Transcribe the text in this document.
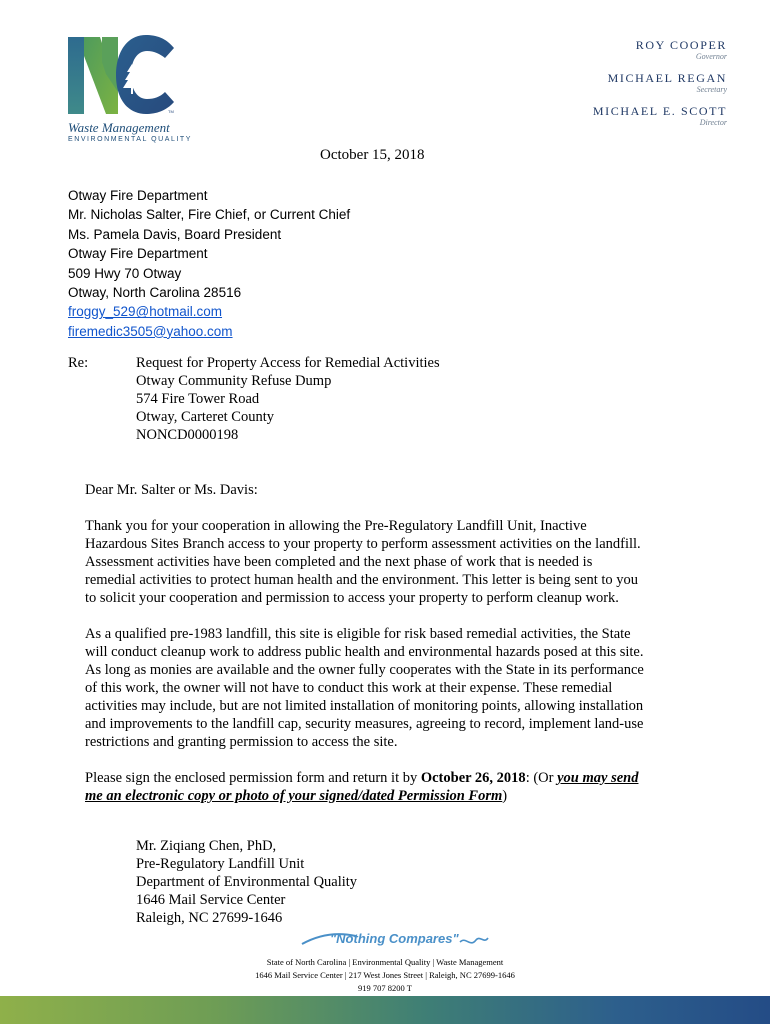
TM
Waste Management
ENVIRONMENTAL QUALITY
ROY COOPER
Governor
MICHAEL REGAN
Secretary
MICHAEL E. SCOTT
Director
October 15, 2018
Otway Fire Department
Mr. Nicholas Salter, Fire Chief, or Current Chief
Ms. Pamela Davis, Board President
Otway Fire Department
509 Hwy 70 Otway
Otway, North Carolina 28516
froggy_529@hotmail.com
firemedic3505@yahoo.com
Re:	Request for Property Access for Remedial Activities
Otway Community Refuse Dump
574 Fire Tower Road
Otway, Carteret County
NONCD0000198

Dear Mr. Salter or Ms. Davis:

Thank you for your cooperation in allowing the Pre-Regulatory Landfill Unit, Inactive Hazardous Sites Branch access to your property to perform assessment activities on the landfill. Assessment activities have been completed and the next phase of work that is needed is remedial activities to protect human health and the environment. This letter is being sent to you to solicit your cooperation and permission to access your property to perform cleanup work.

As a qualified pre-1983 landfill, this site is eligible for risk based remedial activities, the State will conduct cleanup work to address public health and environmental hazards posed at this site. As long as monies are available and the owner fully cooperates with the State in its performance of this work, the owner will not have to conduct this work at their expense. These remedial activities may include, but are not limited installation of monitoring points, allowing installation and improvements to the landfill cap, security measures, agreeing to record, implement land-use restrictions and granting permission to access the site.

Please sign the enclosed permission form and return it by October 26, 2018: (Or you may send me an electronic copy or photo of your signed/dated Permission Form)

Mr. Ziqiang Chen, PhD,
Pre-Regulatory Landfill Unit
Department of Environmental Quality
1646 Mail Service Center
Raleigh, NC 27699-1646
"Nothing Compares"
State of North Carolina | Environmental Quality | Waste Management
1646 Mail Service Center | 217 West Jones Street | Raleigh, NC 27699-1646
919 707 8200 T
